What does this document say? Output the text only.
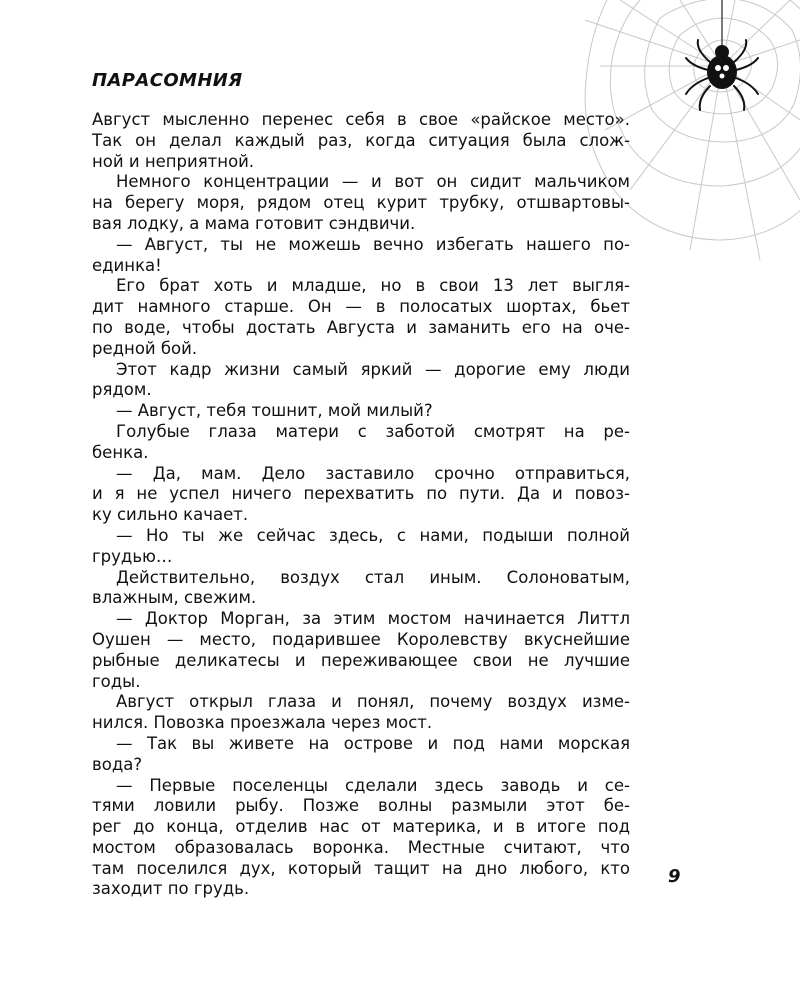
ПАРАСОМНИЯ
Август мысленно перенес себя в свое «райское место».
Так он делал каждый раз, когда ситуация была слож-
ной и неприятной.
Немного концентрации — и вот он сидит мальчиком
на берегу моря, рядом отец курит трубку, отшвартовы-
вая лодку, а мама готовит сэндвичи.
— Август, ты не можешь вечно избегать нашего по-
единка!
Его брат хоть и младше, но в свои 13 лет выгля-
дит намного старше. Он — в полосатых шортах, бьет
по воде, чтобы достать Августа и заманить его на оче-
редной бой.
Этот кадр жизни самый яркий — дорогие ему люди
рядом.
— Август, тебя тошнит, мой милый?
Голубые глаза матери с заботой смотрят на ре-
бенка.
— Да, мам. Дело заставило срочно отправиться,
и я не успел ничего перехватить по пути. Да и повоз-
ку сильно качает.
— Но ты же сейчас здесь, с нами, подыши полной
грудью…
Действительно, воздух стал иным. Солоноватым,
влажным, свежим.
— Доктор Морган, за этим мостом начинается Литтл
Оушен — место, подарившее Королевству вкуснейшие
рыбные деликатесы и переживающее свои не лучшие
годы.
Август открыл глаза и понял, почему воздух изме-
нился. Повозка проезжала через мост.
— Так вы живете на острове и под нами морская
вода?
— Первые поселенцы сделали здесь заводь и се-
тями ловили рыбу. Позже волны размыли этот бе-
рег до конца, отделив нас от материка, и в итоге под
мостом образовалась воронка. Местные считают, что
там поселился дух, который тащит на дно любого, кто
заходит по грудь.
9
